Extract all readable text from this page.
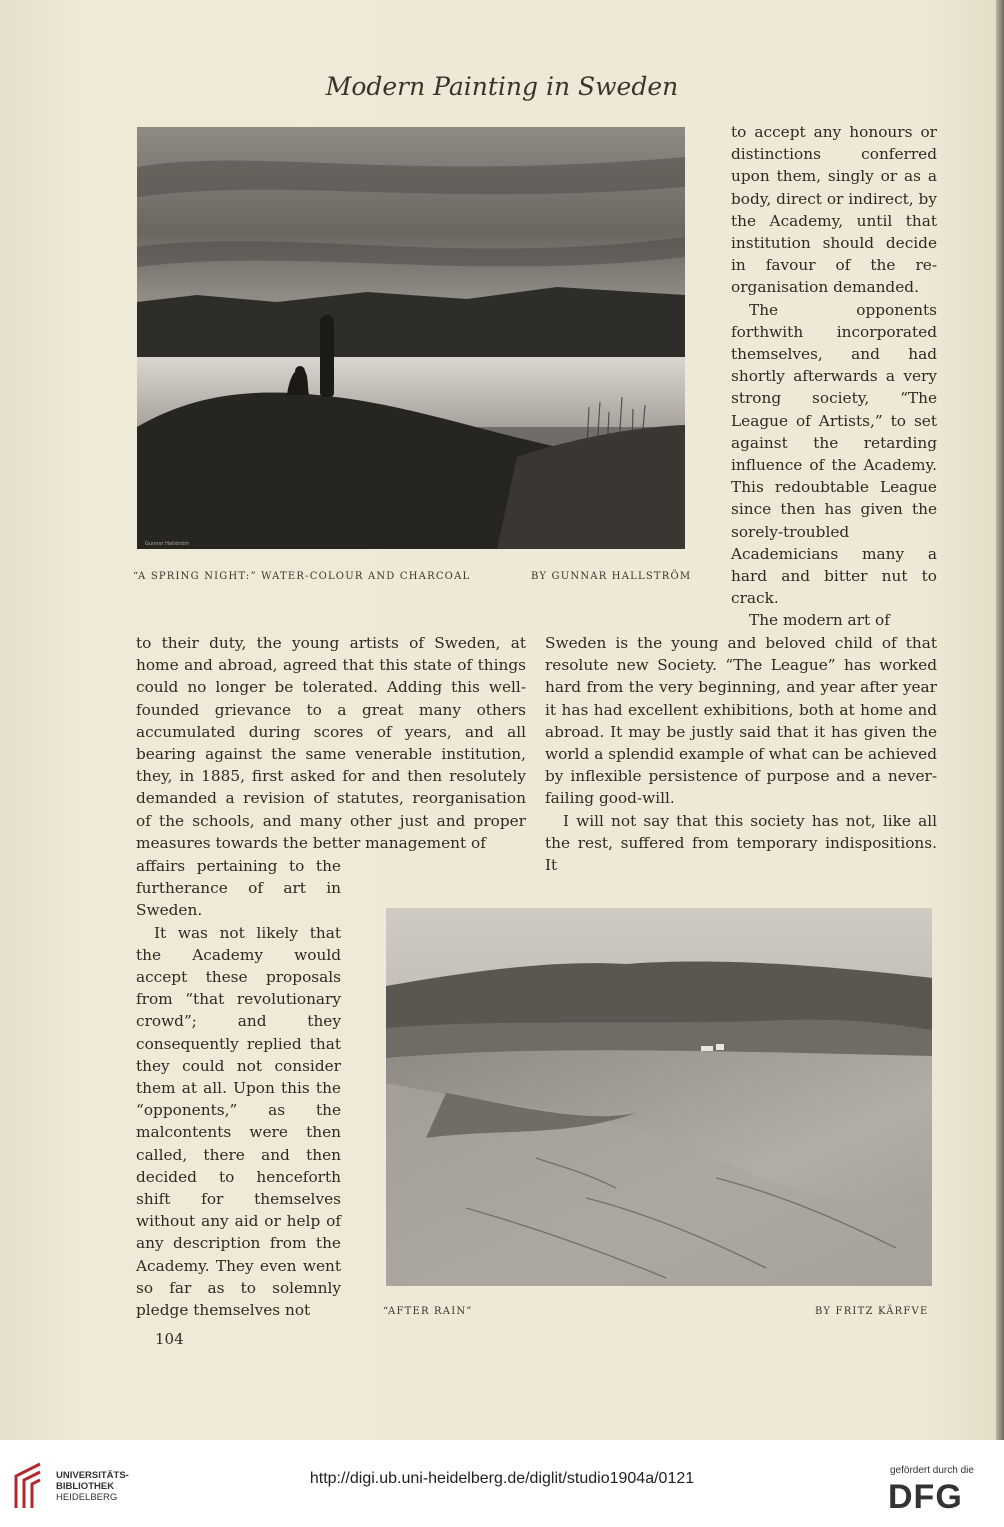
Modern Painting in Sweden
Gunnar Hallström
“A SPRING NIGHT:” WATER-COLOUR AND CHARCOAL	BY GUNNAR HALLSTRÖM

to accept any honours or distinctions conferred upon them, singly or as a body, direct or indirect, by the Academy, until that institution should decide in favour of the re-organisation demanded.

The opponents forthwith incorporated themselves, and had shortly afterwards a very strong society, “The League of Artists,” to set against the retarding influence of the Academy. This redoubtable League since then has given the sorely-troubled Academicians many a hard and bitter nut to crack.

The modern art of

to their duty, the young artists of Sweden, at home and abroad, agreed that this state of things could no longer be tolerated. Adding this well-founded grievance to a great many others accumulated during scores of years, and all bearing against the same venerable institution, they, in 1885, first asked for and then resolutely demanded a revision of statutes, reorganisation of the schools, and many other just and proper measures towards the better management of

Sweden is the young and beloved child of that resolute new Society. “The League” has worked hard from the very beginning, and year after year it has had excellent exhibitions, both at home and abroad. It may be justly said that it has given the world a splendid example of what can be achieved by inflexible persistence of purpose and a never-failing good-will.

I will not say that this society has not, like all the rest, suffered from temporary indispositions. It

affairs pertaining to the furtherance of art in Sweden.

It was not likely that the Academy would accept these proposals from “that revolutionary crowd”; and they consequently replied that they could not consider them at all. Upon this the “opponents,” as the malcontents were then called, there and then decided to henceforth shift for themselves without any aid or help of any description from the Academy. They even went so far as to solemnly pledge themselves not	“AFTER RAIN”	BY FRITZ KÄRFVE
104
UNIVERSITÄTS-
BIBLIOTHEK
HEIDELBERG
http://digi.ub.uni-heidelberg.de/diglit/studio1904a/0121	gefördert durch die
DFG
